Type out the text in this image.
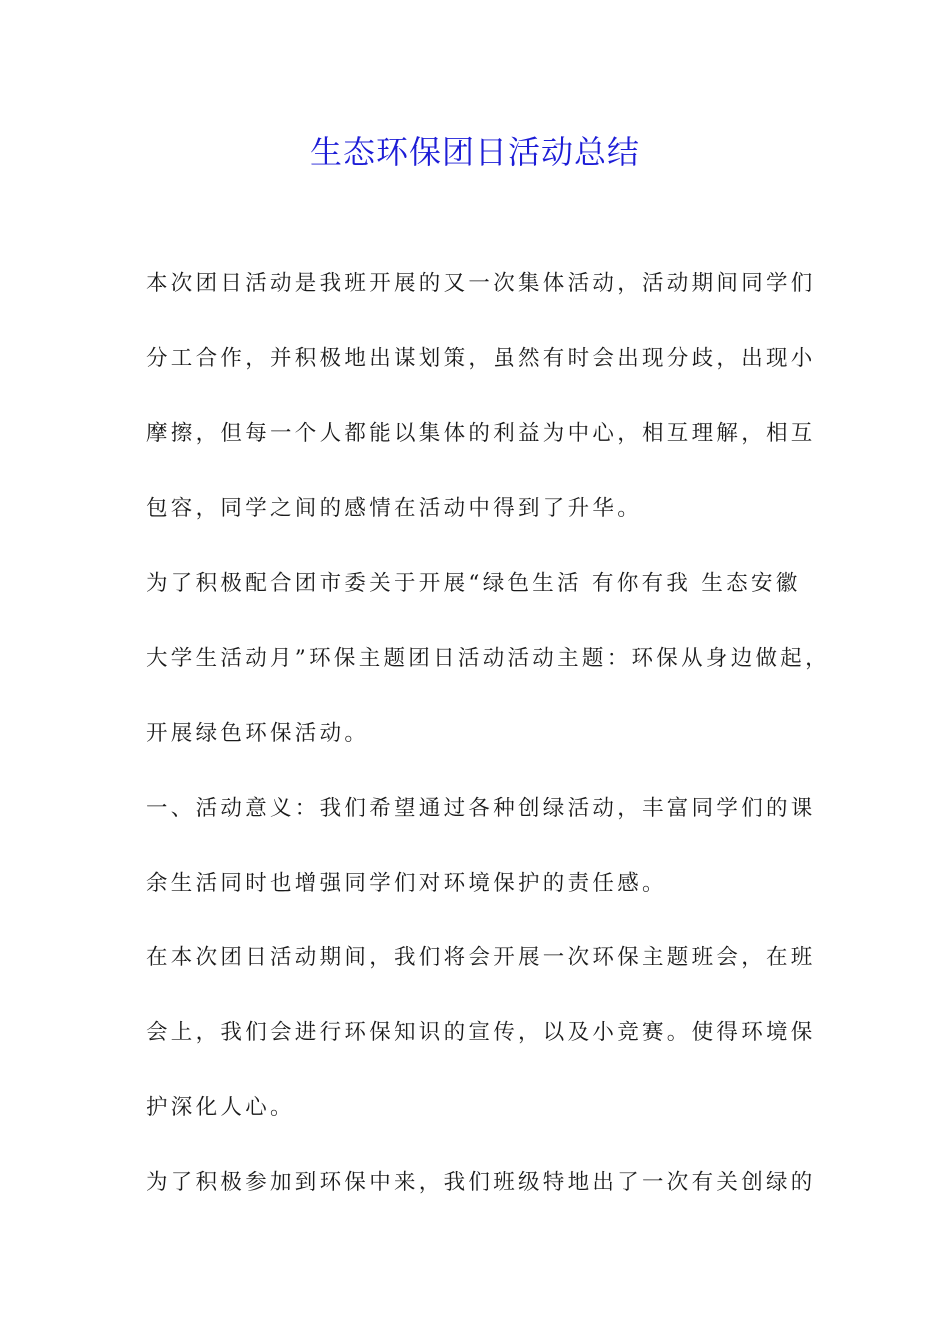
生态环保团日活动总结
本次团日活动是我班开展的又一次集体活动，活动期间同学们
分工合作，并积极地出谋划策，虽然有时会出现分歧，出现小
摩擦，但每一个人都能以集体的利益为中心，相互理解，相互
包容，同学之间的感情在活动中得到了升华。
为了积极配合团市委关于开展“绿色生活 有你有我 生态安徽
大学生活动月”环保主题团日活动活动主题：环保从身边做起，
开展绿色环保活动。
一、活动意义：我们希望通过各种创绿活动，丰富同学们的课
余生活同时也增强同学们对环境保护的责任感。
在本次团日活动期间，我们将会开展一次环保主题班会，在班
会上，我们会进行环保知识的宣传，以及小竞赛。使得环境保
护深化人心。
为了积极参加到环保中来，我们班级特地出了一次有关创绿的
